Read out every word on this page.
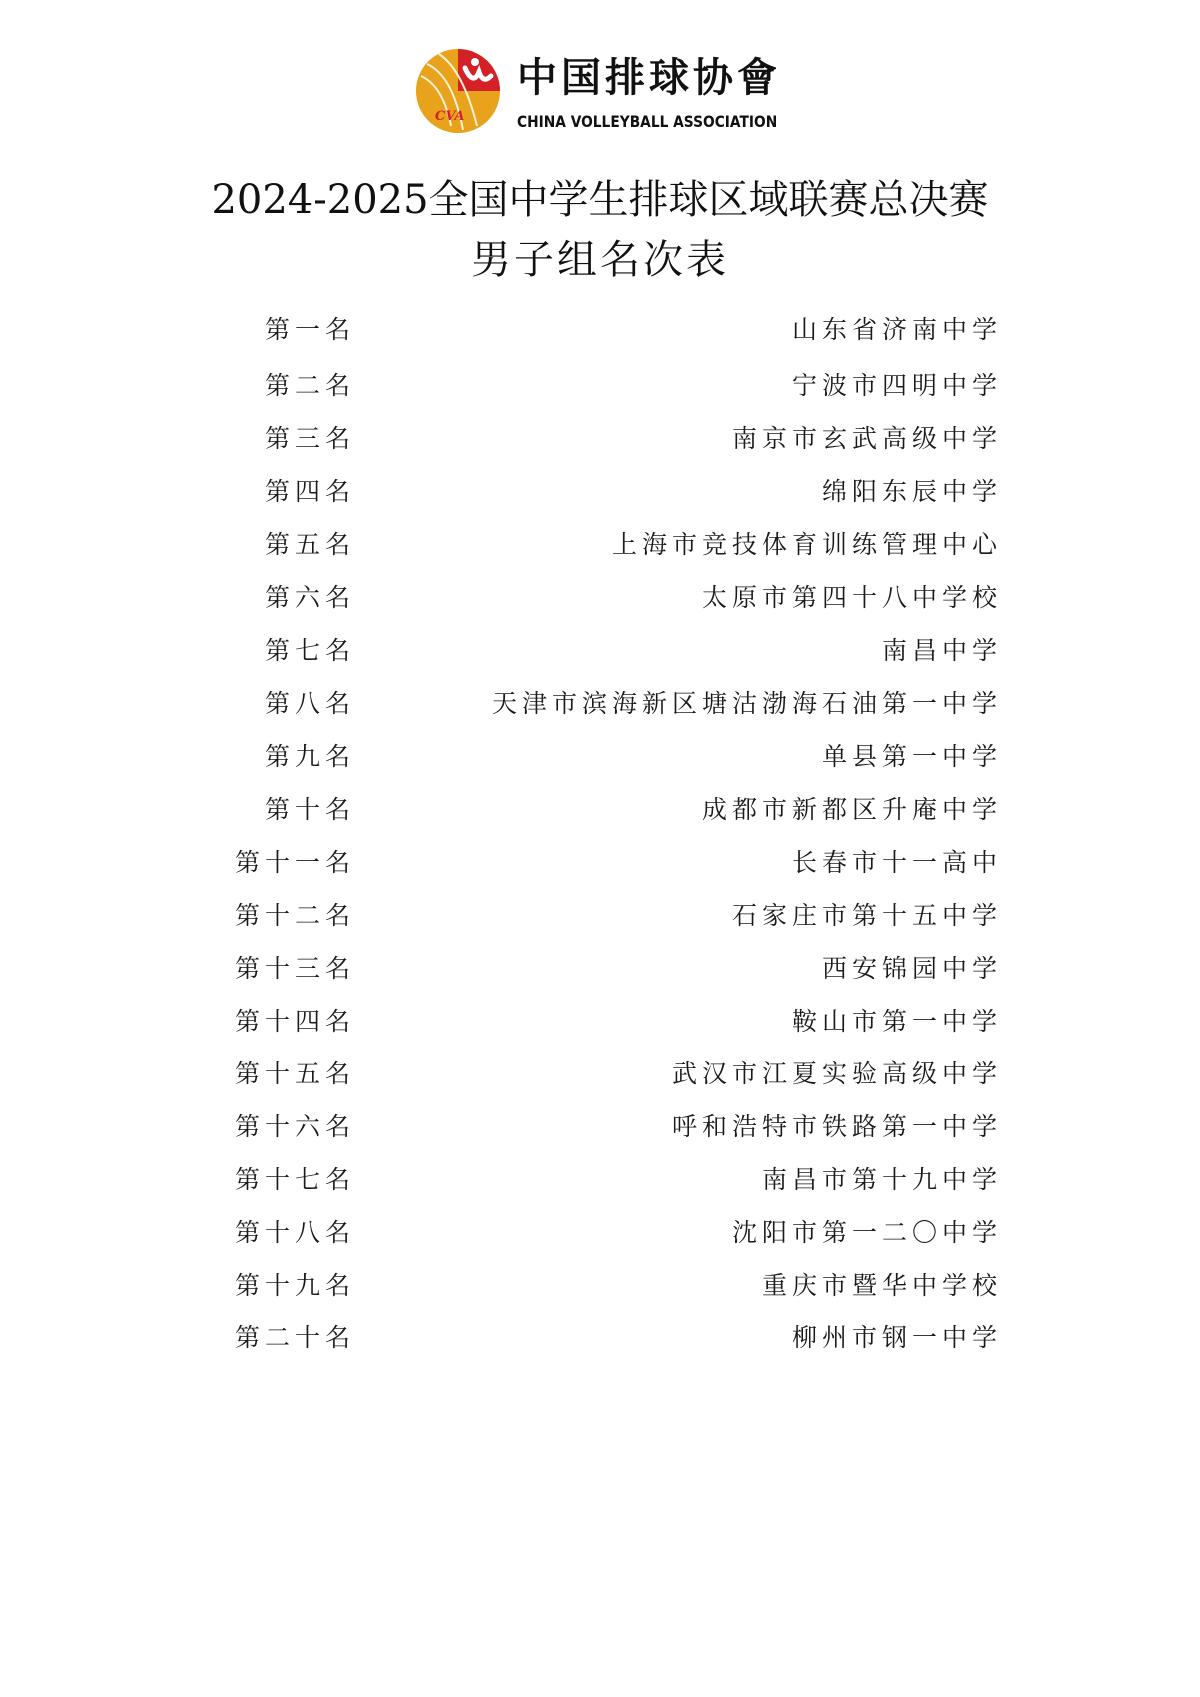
CVA
中国排球协會
CHINA VOLLEYBALL ASSOCIATION
2024-2025全国中学生排球区域联赛总决赛
男子组名次表
第一名	山东省济南中学
第二名	宁波市四明中学
第三名	南京市玄武高级中学
第四名	绵阳东辰中学
第五名	上海市竞技体育训练管理中心
第六名	太原市第四十八中学校
第七名	南昌中学
第八名	天津市滨海新区塘沽渤海石油第一中学
第九名	单县第一中学
第十名	成都市新都区升庵中学
第十一名	长春市十一高中
第十二名	石家庄市第十五中学
第十三名	西安锦园中学
第十四名	鞍山市第一中学
第十五名	武汉市江夏实验高级中学
第十六名	呼和浩特市铁路第一中学
第十七名	南昌市第十九中学
第十八名	沈阳市第一二〇中学
第十九名	重庆市暨华中学校
第二十名	柳州市钢一中学
